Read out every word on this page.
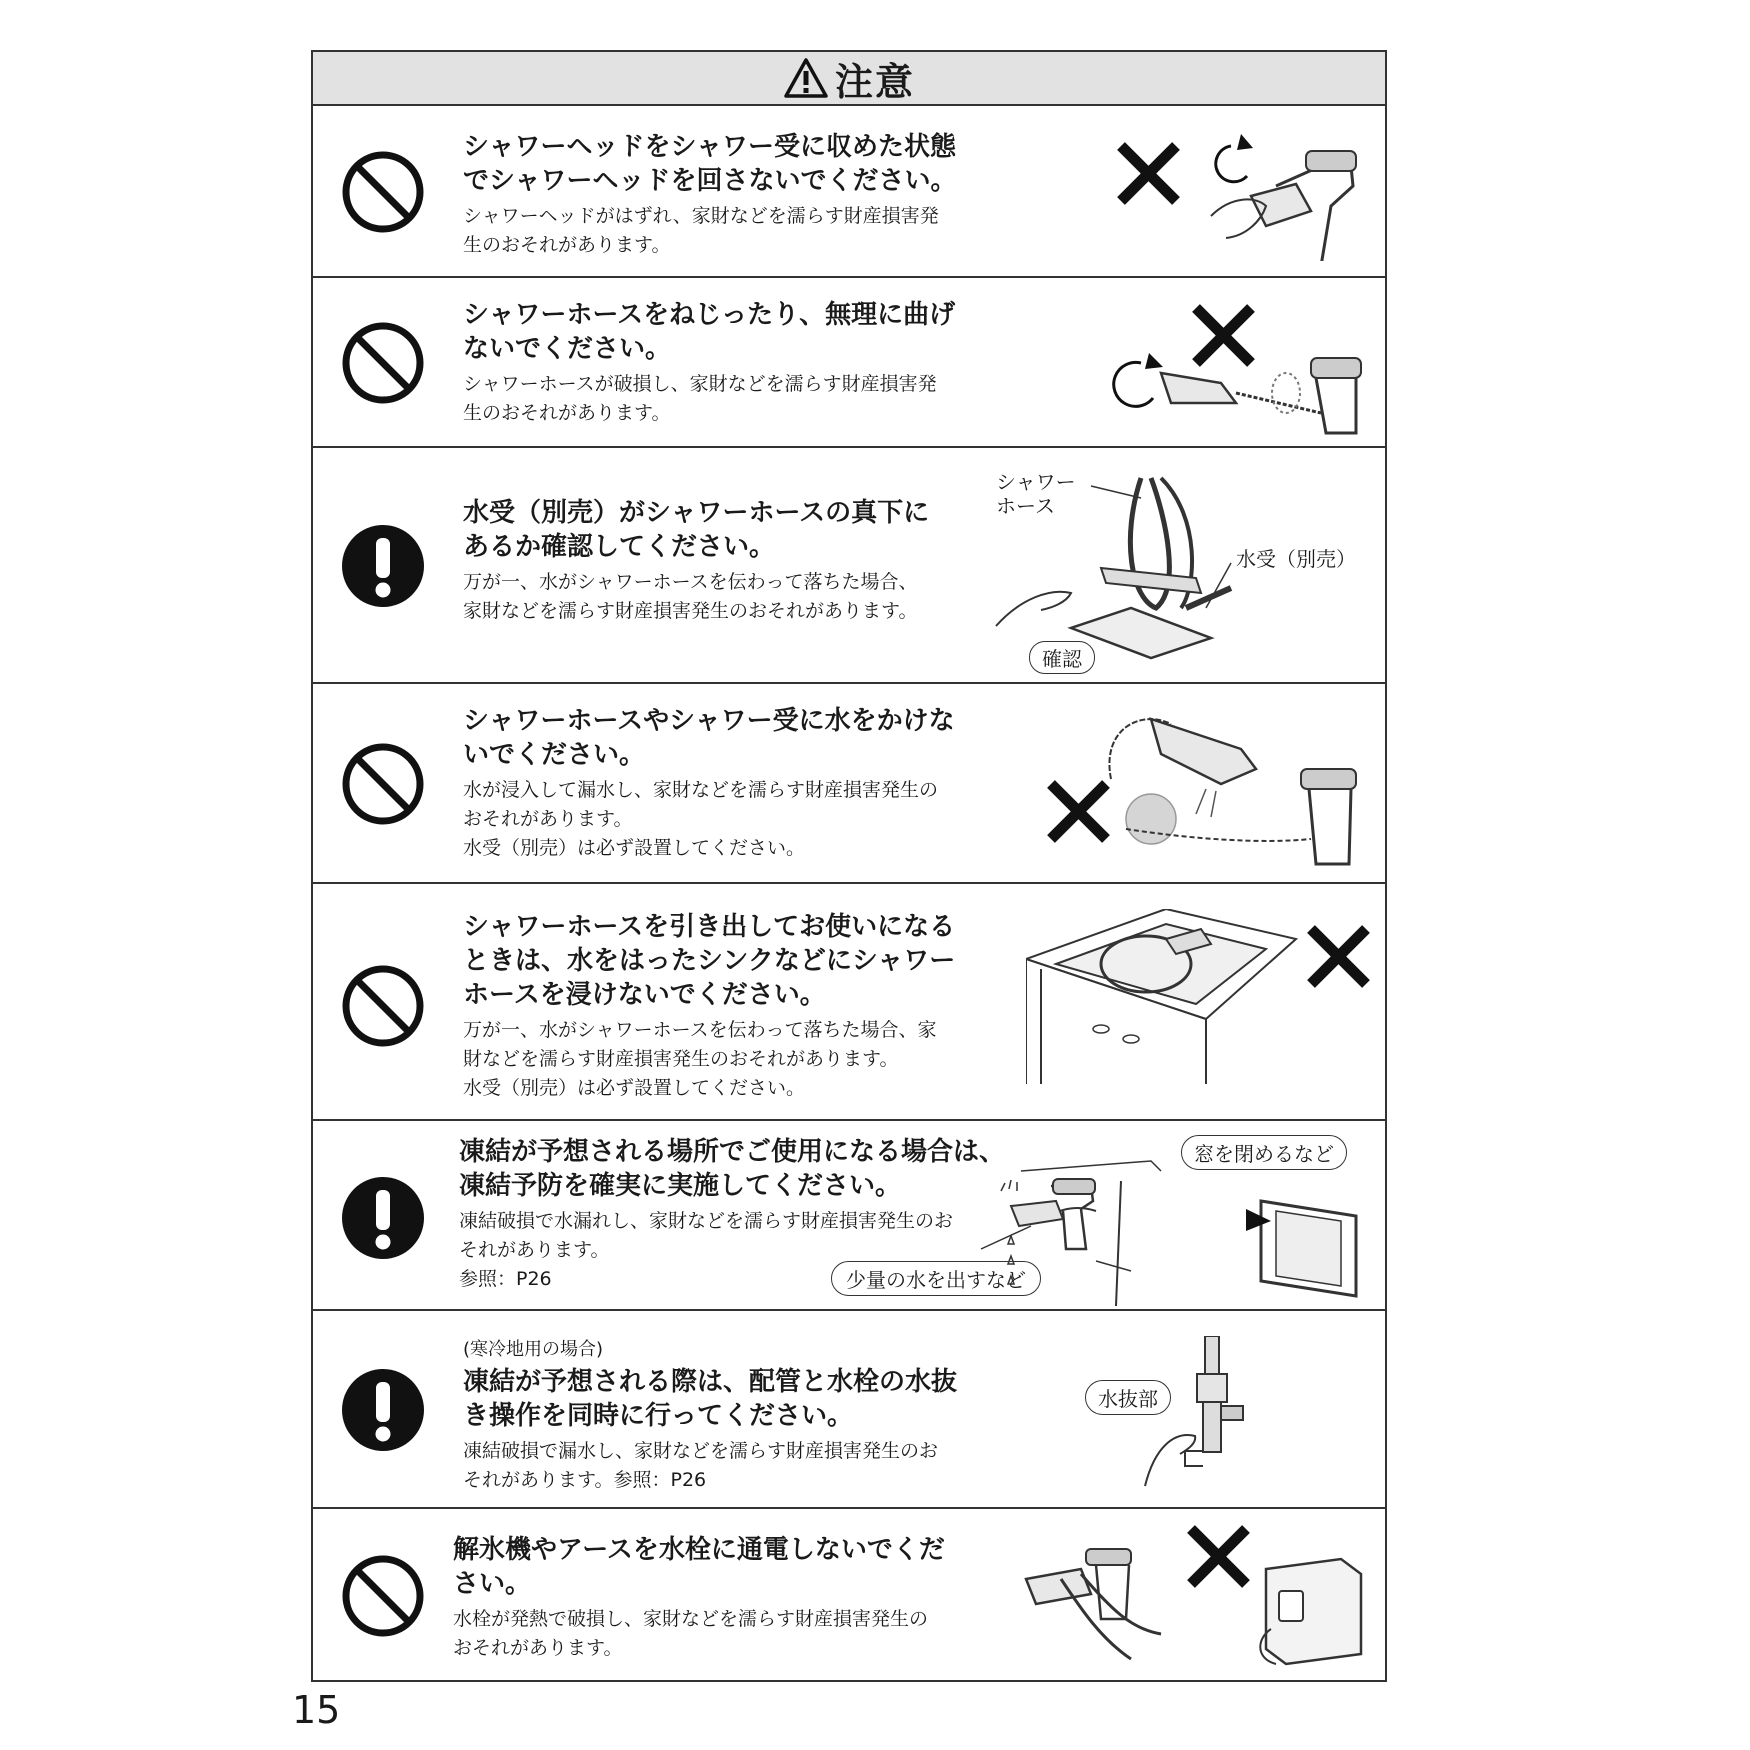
注意

シャワーヘッドをシャワー受に収めた状態

でシャワーヘッドを回さないでください。

シャワーヘッドがはずれ、家財などを濡らす財産損害発

生のおそれがあります。

シャワーホースをねじったり、無理に曲げ

ないでください。

シャワーホースが破損し、家財などを濡らす財産損害発

生のおそれがあります。

水受（別売）がシャワーホースの真下に

あるか確認してください。

万が一、水がシャワーホースを伝わって落ちた場合、

家財などを濡らす財産損害発生のおそれがあります。

シャワー
ホース
水受（別売）
確認

シャワーホースやシャワー受に水をかけな

いでください。

水が浸入して漏水し、家財などを濡らす財産損害発生の

おそれがあります。

水受（別売）は必ず設置してください。

シャワーホースを引き出してお使いになる

ときは、水をはったシンクなどにシャワー

ホースを浸けないでください。

万が一、水がシャワーホースを伝わって落ちた場合、家

財などを濡らす財産損害発生のおそれがあります。

水受（別売）は必ず設置してください。

凍結が予想される場所でご使用になる場合は、

凍結予防を確実に実施してください。

凍結破損で水漏れし、家財などを濡らす財産損害発生のお

それがあります。

参照：P26

窓を閉めるなど
少量の水を出すなど

(寒冷地用の場合)

凍結が予想される際は、配管と水栓の水抜

き操作を同時に行ってください。

凍結破損で漏水し、家財などを濡らす財産損害発生のお

それがあります。参照：P26

水抜部

解氷機やアースを水栓に通電しないでくだ

さい。

水栓が発熱で破損し、家財などを濡らす財産損害発生の

おそれがあります。

15
